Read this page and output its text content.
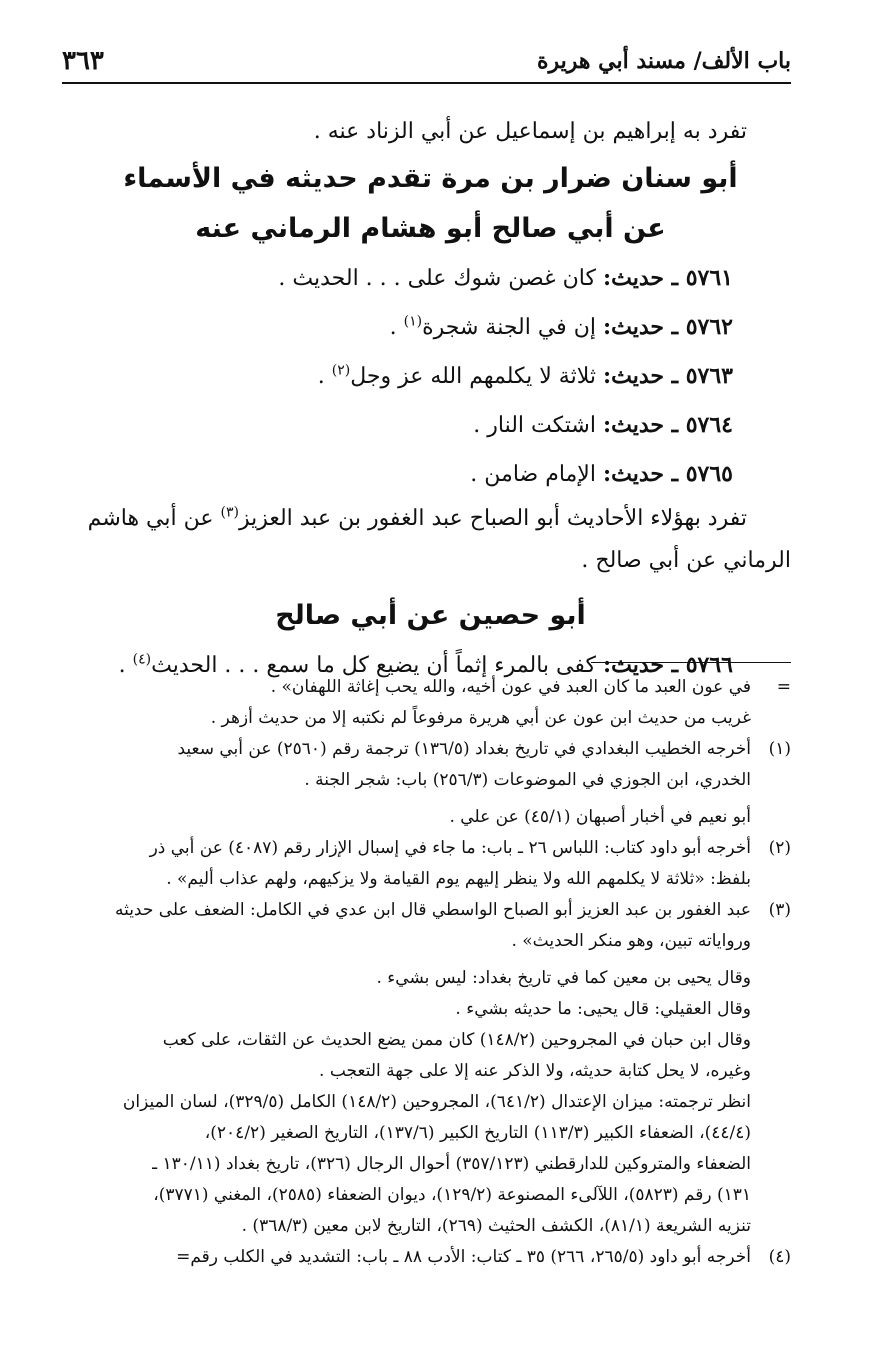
باب الألف/ مسند أبي هريرة
٣٦٣
تفرد به إبراهيم بن إسماعيل عن أبي الزناد عنه .
أبو سنان ضرار بن مرة تقدم حديثه في الأسماء
عن أبي صالح أبو هشام الرماني عنه
٥٧٦١ ـ حديث: كان غصن شوك على . . . الحديث .
٥٧٦٢ ـ حديث: إن في الجنة شجرة$^{(١)}$ .
٥٧٦٣ ـ حديث: ثلاثة لا يكلمهم الله عز وجل$^{(٢)}$ .
٥٧٦٤ ـ حديث: اشتكت النار .
٥٧٦٥ ـ حديث: الإمام ضامن .
تفرد بهؤلاء الأحاديث أبو الصباح عبد الغفور بن عبد العزيز$^{(٣)}$ عن أبي هاشم
الرماني عن أبي صالح .
أبو حصين عن أبي صالح
٥٧٦٦ ـ حديث: كفى بالمرء إثماً أن يضيع كل ما سمع . . . الحديث$^{(٤)}$ .
=
في عون العبد ما كان العبد في عون أخيه، والله يحب إغاثة اللهفان» .
غريب من حديث ابن عون عن أبي هريرة مرفوعاً لم نكتبه إلا من حديث أزهر .
(١)
أخرجه الخطيب البغدادي في تاريخ بغداد (١٣٦/٥) ترجمة رقم (٢٥٦٠) عن أبي سعيد
الخدري، ابن الجوزي في الموضوعات (٢٥٦/٣) باب: شجر الجنة .
أبو نعيم في أخبار أصبهان (٤٥/١) عن علي .
(٢)
أخرجه أبو داود كتاب: اللباس ٢٦ ـ باب: ما جاء في إسبال الإزار رقم (٤٠٨٧) عن أبي ذر
بلفظ: «ثلاثة لا يكلمهم الله ولا ينظر إليهم يوم القيامة ولا يزكيهم، ولهم عذاب أليم» .
(٣)
عبد الغفور بن عبد العزيز أبو الصباح الواسطي قال ابن عدي في الكامل: الضعف على حديثه
ورواياته تبين، وهو منكر الحديث» .
وقال يحيى بن معين كما في تاريخ بغداد: ليس بشيء .
وقال العقيلي: قال يحيى: ما حديثه بشيء .
وقال ابن حبان في المجروحين (١٤٨/٢) كان ممن يضع الحديث عن الثقات، على كعب
وغيره، لا يحل كتابة حديثه، ولا الذكر عنه إلا على جهة التعجب .
انظر ترجمته: ميزان الإعتدال (٦٤١/٢)، المجروحين (١٤٨/٢) الكامل (٣٢٩/٥)، لسان الميزان
(٤٤/٤)، الضعفاء الكبير (١١٣/٣) التاريخ الكبير (١٣٧/٦)، التاريخ الصغير (٢٠٤/٢)،
الضعفاء والمتروكين للدارقطني (٣٥٧/١٢٣) أحوال الرجال (٣٢٦)، تاريخ بغداد (١٣٠/١١ ـ
١٣١) رقم (٥٨٢٣)، اللآلىء المصنوعة (١٢٩/٢)، ديوان الضعفاء (٢٥٨٥)، المغني (٣٧٧١)،
تنزيه الشريعة (٨١/١)، الكشف الحثيث (٢٦٩)، التاريخ لابن معين (٣٦٨/٣) .
(٤)
أخرجه أبو داود (٢٦٥/٥، ٢٦٦) ٣٥ ـ كتاب: الأدب ٨٨ ـ باب: التشديد في الكلب رقم=
